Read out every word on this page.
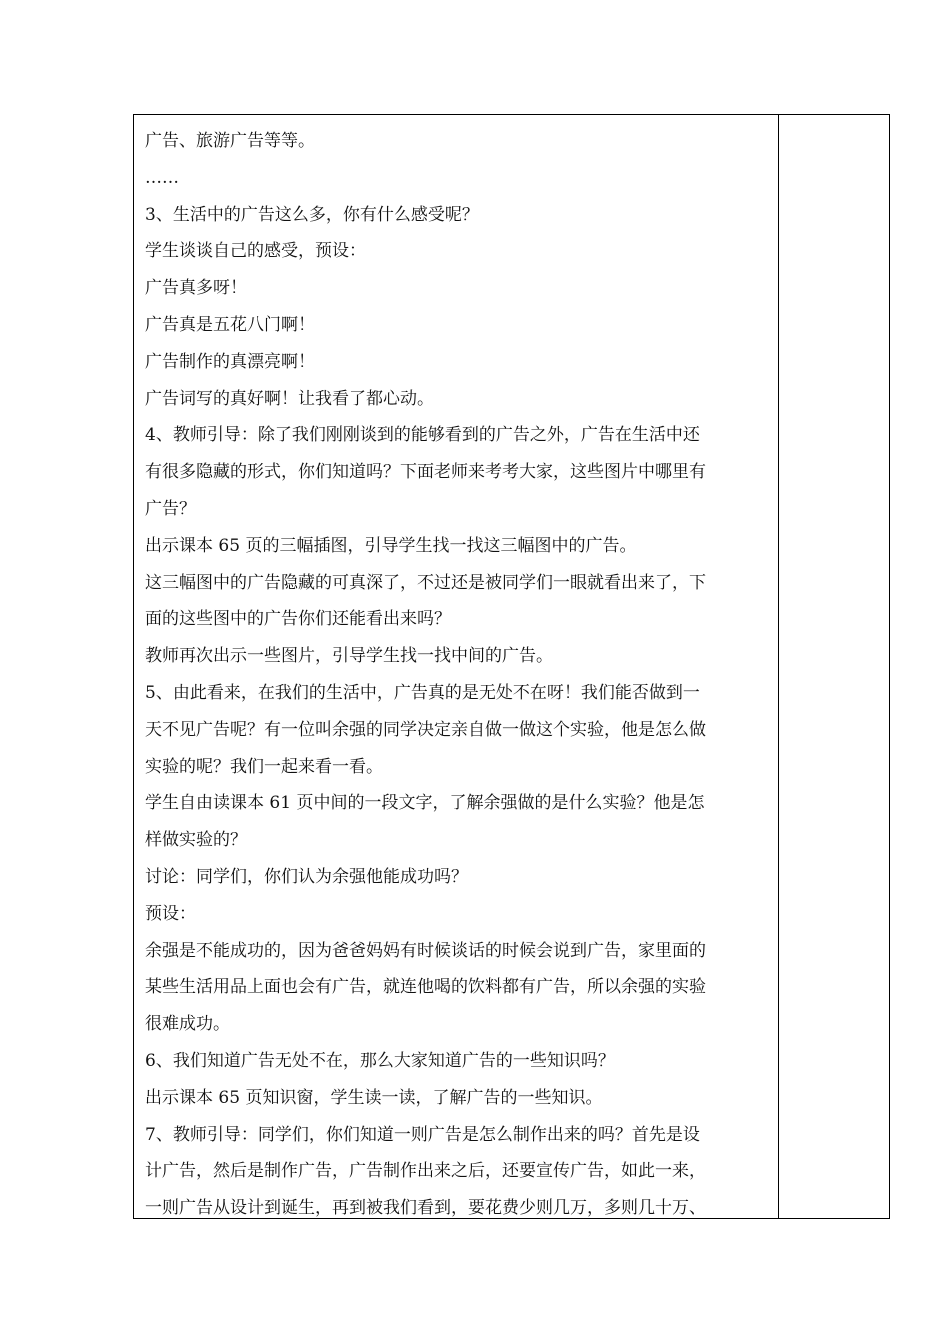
广告、旅游广告等等。

……

3、生活中的广告这么多，你有什么感受呢？

学生谈谈自己的感受，预设：

广告真多呀！

广告真是五花八门啊！

广告制作的真漂亮啊！

广告词写的真好啊！让我看了都心动。

4、教师引导：除了我们刚刚谈到的能够看到的广告之外，广告在生活中还

有很多隐藏的形式，你们知道吗？下面老师来考考大家，这些图片中哪里有

广告？

出示课本 65 页的三幅插图，引导学生找一找这三幅图中的广告。

这三幅图中的广告隐藏的可真深了，不过还是被同学们一眼就看出来了，下

面的这些图中的广告你们还能看出来吗？

教师再次出示一些图片，引导学生找一找中间的广告。

5、由此看来，在我们的生活中，广告真的是无处不在呀！我们能否做到一

天不见广告呢？有一位叫余强的同学决定亲自做一做这个实验，他是怎么做

实验的呢？我们一起来看一看。

学生自由读课本 61 页中间的一段文字，了解余强做的是什么实验？他是怎

样做实验的？

讨论：同学们，你们认为余强他能成功吗？

预设：

余强是不能成功的，因为爸爸妈妈有时候谈话的时候会说到广告，家里面的

某些生活用品上面也会有广告，就连他喝的饮料都有广告，所以余强的实验

很难成功。

6、我们知道广告无处不在，那么大家知道广告的一些知识吗？

出示课本 65 页知识窗，学生读一读，了解广告的一些知识。

7、教师引导：同学们，你们知道一则广告是怎么制作出来的吗？首先是设

计广告，然后是制作广告，广告制作出来之后，还要宣传广告，如此一来，

一则广告从设计到诞生，再到被我们看到，要花费少则几万，多则几十万、
